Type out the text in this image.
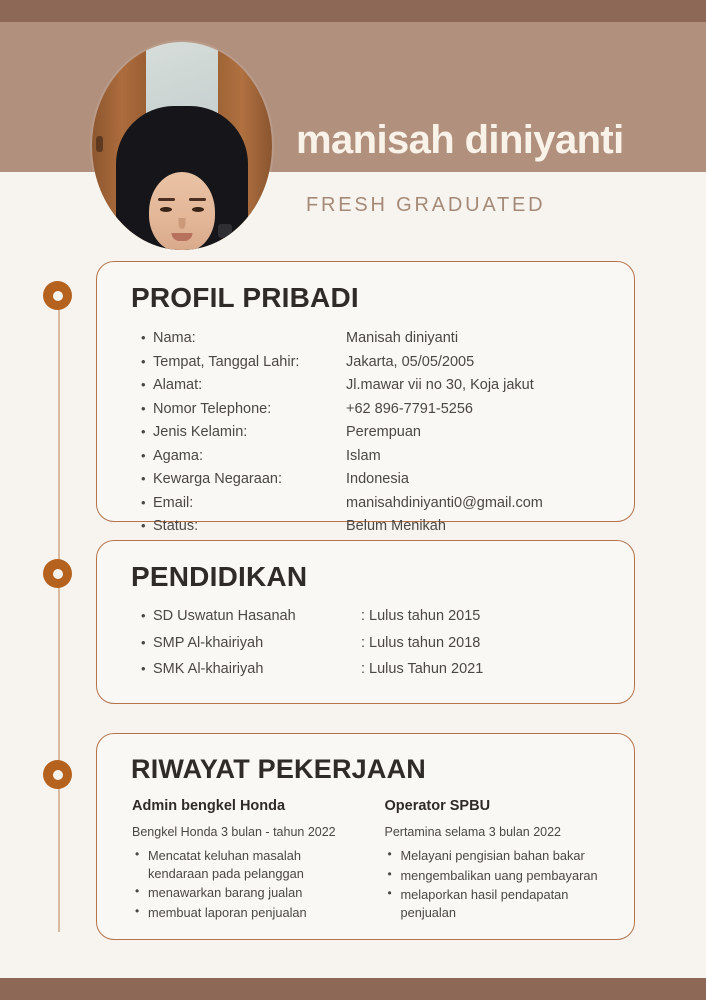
manisah diniyanti
FRESH GRADUATED
PROFIL PRIBADI
• Nama:	Manisah diniyanti
• Tempat, Tanggal Lahir:	Jakarta, 05/05/2005
• Alamat:	Jl.mawar vii no 30, Koja jakut
• Nomor Telephone:	+62 896-7791-5256
• Jenis Kelamin:	Perempuan
• Agama:	Islam
• Kewarga Negaraan:	Indonesia
• Email:	manisahdiniyanti0@gmail.com
• Status:	Belum Menikah
PENDIDIKAN
• SD Uswatun Hasanah	: Lulus tahun 2015
• SMP Al-khairiyah	: Lulus tahun 2018
• SMK Al-khairiyah	: Lulus Tahun 2021
RIWAYAT PEKERJAAN
Admin bengkel Honda
Bengkel Honda 3 bulan - tahun 2022
• Mencatat keluhan masalah kendaraan pada pelanggan
• menawarkan barang jualan
• membuat laporan penjualan
Operator SPBU
Pertamina selama 3 bulan 2022
• Melayani pengisian bahan bakar
• mengembalikan uang pembayaran
• melaporkan hasil pendapatan penjualan
